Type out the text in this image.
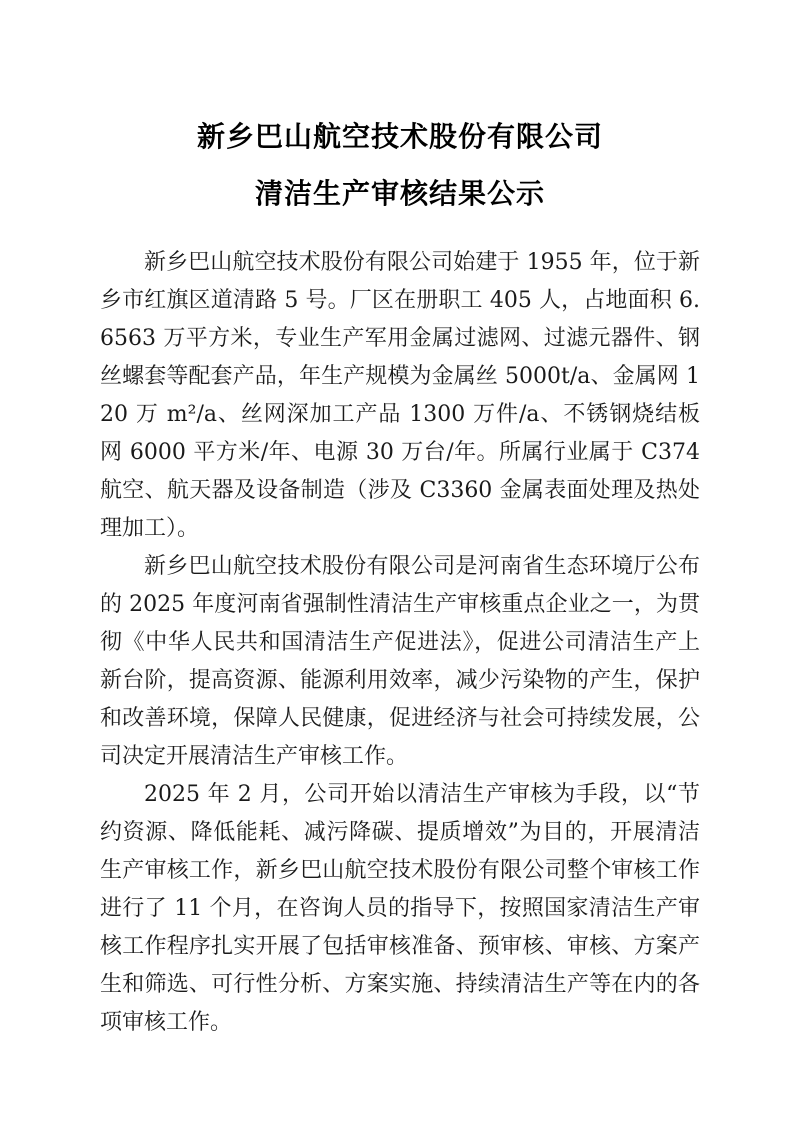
新乡巴山航空技术股份有限公司
清洁生产审核结果公示

新乡巴山航空技术股份有限公司始建于 1955 年，位于新乡市红旗区道清路 5 号。厂区在册职工 405 人，占地面积 6.6563 万平方米，专业生产军用金属过滤网、过滤元器件、钢丝螺套等配套产品，年生产规模为金属丝 5000t/a、金属网 120 万 m²/a、丝网深加工产品 1300 万件/a、不锈钢烧结板网 6000 平方米/年、电源 30 万台/年。所属行业属于 C374 航空、航天器及设备制造（涉及 C3360 金属表面处理及热处理加工）。

新乡巴山航空技术股份有限公司是河南省生态环境厅公布的 2025 年度河南省强制性清洁生产审核重点企业之一，为贯彻《中华人民共和国清洁生产促进法》，促进公司清洁生产上新台阶，提高资源、能源利用效率，减少污染物的产生，保护和改善环境，保障人民健康，促进经济与社会可持续发展，公司决定开展清洁生产审核工作。

2025 年 2 月，公司开始以清洁生产审核为手段，以“节约资源、降低能耗、减污降碳、提质增效”为目的，开展清洁生产审核工作，新乡巴山航空技术股份有限公司整个审核工作进行了 11 个月，在咨询人员的指导下，按照国家清洁生产审核工作程序扎实开展了包括审核准备、预审核、审核、方案产生和筛选、可行性分析、方案实施、持续清洁生产等在内的各项审核工作。
